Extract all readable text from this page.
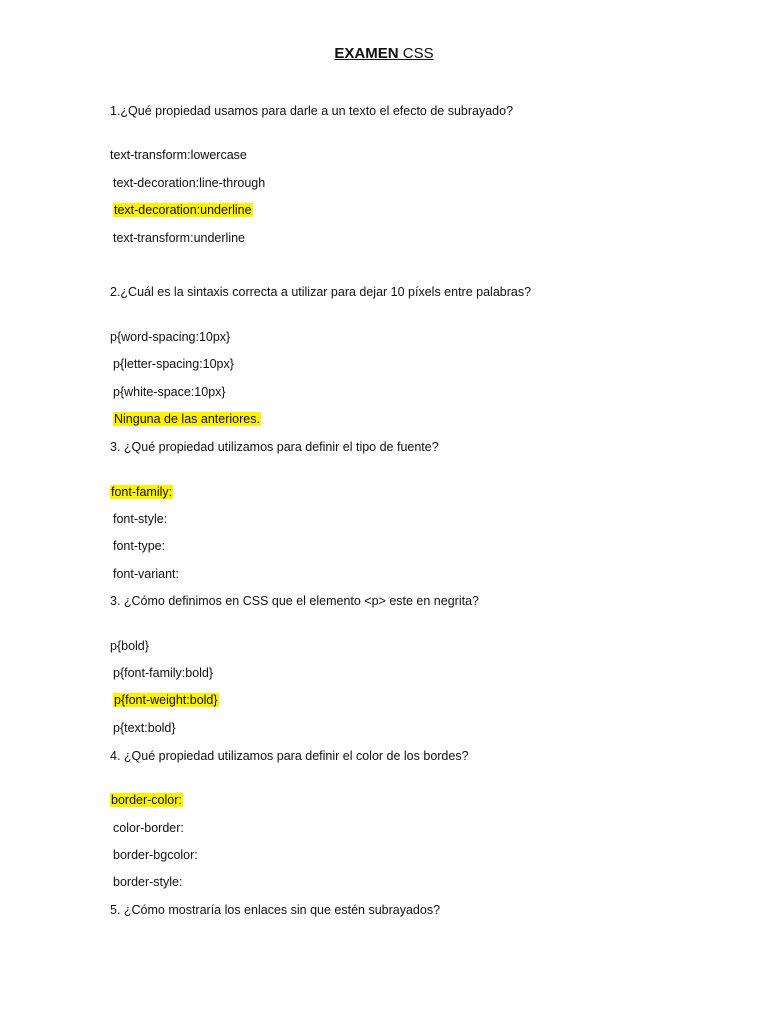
EXAMEN CSS
1.¿Qué propiedad usamos para darle a un texto el efecto de subrayado?
text-transform:lowercase
text-decoration:line-through
text-decoration:underline
text-transform:underline
2.¿Cuál es la sintaxis correcta a utilizar para dejar 10 píxels entre palabras?
p{word-spacing:10px}
p{letter-spacing:10px}
p{white-space:10px}
Ninguna de las anteriores.
3. ¿Qué propiedad utilizamos para definir el tipo de fuente?
font-family:
font-style:
font-type:
font-variant:
3. ¿Cómo definimos en CSS que el elemento <p> este en negrita?
p{bold}
p{font-family:bold}
p{font-weight:bold}
p{text:bold}
4. ¿Qué propiedad utilizamos para definir el color de los bordes?
border-color:
color-border:
border-bgcolor:
border-style:
5. ¿Cómo mostraría los enlaces sin que estén subrayados?
